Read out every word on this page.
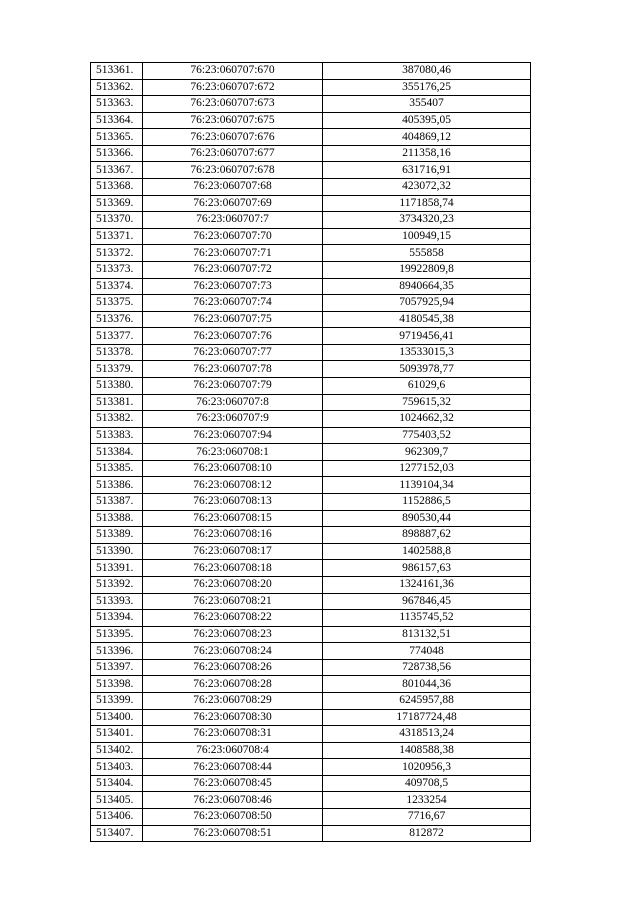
513361.	76:23:060707:670	387080,46
513362.	76:23:060707:672	355176,25
513363.	76:23:060707:673	355407
513364.	76:23:060707:675	405395,05
513365.	76:23:060707:676	404869,12
513366.	76:23:060707:677	211358,16
513367.	76:23:060707:678	631716,91
513368.	76:23:060707:68	423072,32
513369.	76:23:060707:69	1171858,74
513370.	76:23:060707:7	3734320,23
513371.	76:23:060707:70	100949,15
513372.	76:23:060707:71	555858
513373.	76:23:060707:72	19922809,8
513374.	76:23:060707:73	8940664,35
513375.	76:23:060707:74	7057925,94
513376.	76:23:060707:75	4180545,38
513377.	76:23:060707:76	9719456,41
513378.	76:23:060707:77	13533015,3
513379.	76:23:060707:78	5093978,77
513380.	76:23:060707:79	61029,6
513381.	76:23:060707:8	759615,32
513382.	76:23:060707:9	1024662,32
513383.	76:23:060707:94	775403,52
513384.	76:23:060708:1	962309,7
513385.	76:23:060708:10	1277152,03
513386.	76:23:060708:12	1139104,34
513387.	76:23:060708:13	1152886,5
513388.	76:23:060708:15	890530,44
513389.	76:23:060708:16	898887,62
513390.	76:23:060708:17	1402588,8
513391.	76:23:060708:18	986157,63
513392.	76:23:060708:20	1324161,36
513393.	76:23:060708:21	967846,45
513394.	76:23:060708:22	1135745,52
513395.	76:23:060708:23	813132,51
513396.	76:23:060708:24	774048
513397.	76:23:060708:26	728738,56
513398.	76:23:060708:28	801044,36
513399.	76:23:060708:29	6245957,88
513400.	76:23:060708:30	17187724,48
513401.	76:23:060708:31	4318513,24
513402.	76:23:060708:4	1408588,38
513403.	76:23:060708:44	1020956,3
513404.	76:23:060708:45	409708,5
513405.	76:23:060708:46	1233254
513406.	76:23:060708:50	7716,67
513407.	76:23:060708:51	812872
